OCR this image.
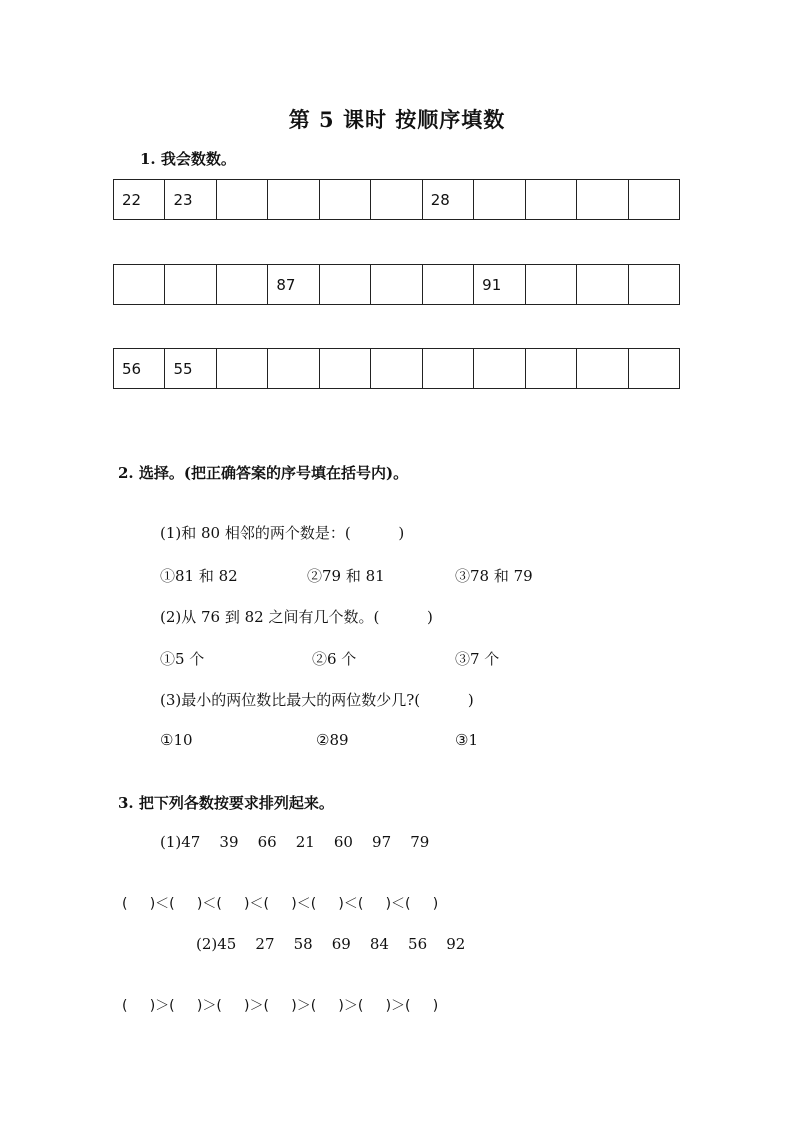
第 5 课时 按顺序填数
1. 我会数数。
22	23					28				
			87				91			
56	55									
2. 选择。(把正确答案的序号填在括号内)。
(1)和 80 相邻的两个数是：(          )
①81 和 82	②79 和 81	③78 和 79
(2)从 76 到 82 之间有几个数。(          )
①5 个	②6 个	③7 个
(3)最小的两位数比最大的两位数少几?(          )
①10	②89	③1
3. 把下列各数按要求排列起来。
(1)47    39    66    21    60    97    79
(     )＜(     )＜(     )＜(     )＜(     )＜(     )＜(     )
(2)45    27    58    69    84    56    92
(     )＞(     )＞(     )＞(     )＞(     )＞(     )＞(     )
